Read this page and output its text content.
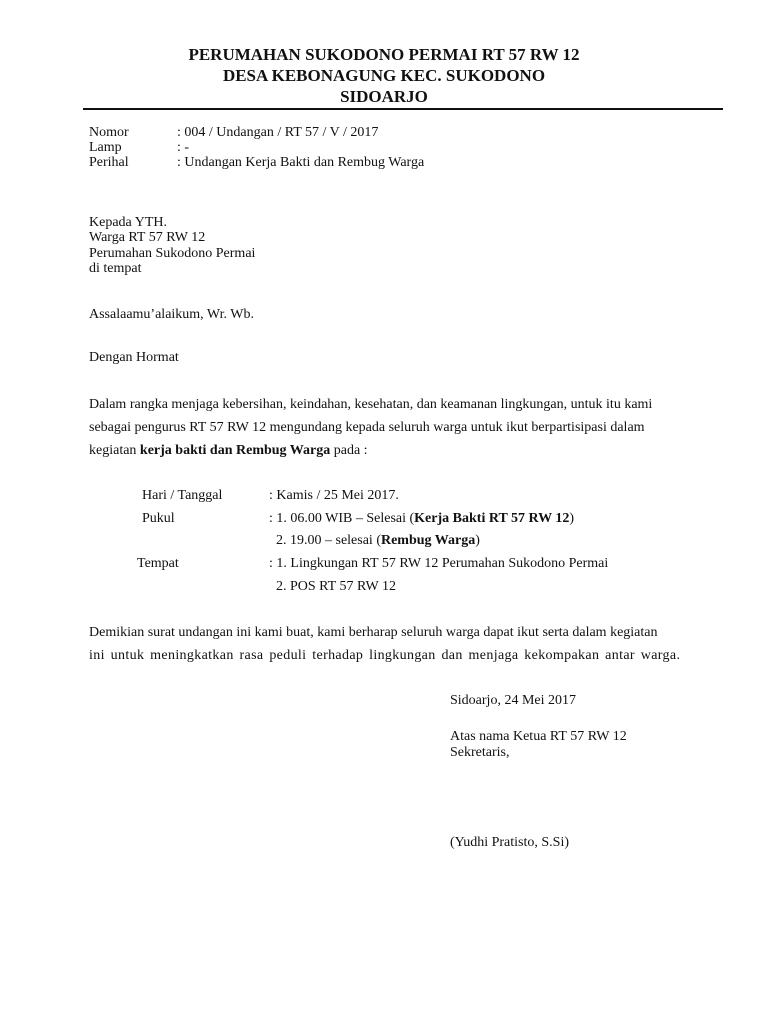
PERUMAHAN SUKODONO PERMAI RT 57 RW 12
DESA KEBONAGUNG KEC. SUKODONO
SIDOARJO
Nomor	: 004 / Undangan / RT 57 / V / 2017
Lamp	: -
Perihal	: Undangan Kerja Bakti dan Rembug Warga
Kepada YTH.
Warga RT 57 RW 12
Perumahan Sukodono Permai
di tempat
Assalaamu’alaikum, Wr. Wb.
Dengan Hormat
Dalam rangka menjaga kebersihan, keindahan, kesehatan, dan keamanan lingkungan, untuk itu kami
sebagai pengurus RT 57 RW 12 mengundang kepada seluruh warga untuk ikut berpartisipasi dalam
kegiatan kerja bakti dan Rembug Warga pada :
Hari / Tanggal	: Kamis / 25 Mei 2017.
Pukul	: 1. 06.00 WIB – Selesai (Kerja Bakti RT 57 RW 12)
2. 19.00 – selesai (Rembug Warga)
Tempat	: 1. Lingkungan RT 57 RW 12 Perumahan Sukodono Permai
2. POS RT 57 RW 12
Demikian surat undangan ini kami buat, kami berharap seluruh warga dapat ikut serta dalam kegiatan
ini untuk meningkatkan rasa peduli terhadap lingkungan dan menjaga kekompakan antar warga.
Sidoarjo, 24 Mei 2017
Atas nama Ketua RT 57 RW 12
Sekretaris,
(Yudhi Pratisto, S.Si)
